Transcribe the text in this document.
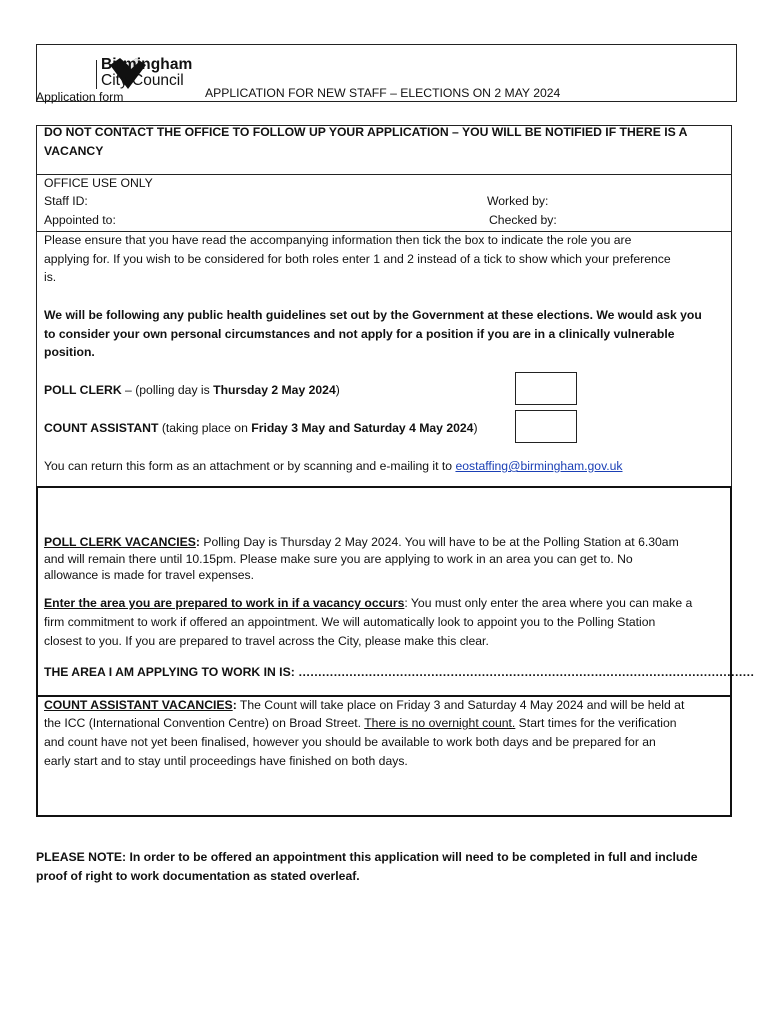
Birmingham
City Council
Application form	APPLICATION FOR NEW STAFF – ELECTIONS ON 2 MAY 2024
DO NOT CONTACT THE OFFICE TO FOLLOW UP YOUR APPLICATION – YOU WILL BE NOTIFIED IF THERE IS A
VACANCY
OFFICE USE ONLY
Staff ID:
Appointed to:
Worked by:
Checked by:
Please ensure that you have read the accompanying information then tick the box to indicate the role you are
applying for. If you wish to be considered for both roles enter 1 and 2 instead of a tick to show which your preference
is.
We will be following any public health guidelines set out by the Government at these elections. We would ask you
to consider your own personal circumstances and not apply for a position if you are in a clinically vulnerable
position.
POLL CLERK – (polling day is Thursday 2 May 2024)
COUNT ASSISTANT (taking place on Friday 3 May and Saturday 4 May 2024)
You can return this form as an attachment or by scanning and e-mailing it to eostaffing@birmingham.gov.uk
POLL CLERK VACANCIES: Polling Day is Thursday 2 May 2024. You will have to be at the Polling Station at 6.30am
and will remain there until 10.15pm. Please make sure you are applying to work in an area you can get to. No
allowance is made for travel expenses.
Enter the area you are prepared to work in if a vacancy occurs: You must only enter the area where you can make a
firm commitment to work if offered an appointment. We will automatically look to appoint you to the Polling Station
closest to you. If you are prepared to travel across the City, please make this clear.
THE AREA I AM APPLYING TO WORK IN IS: ………………………………………………………………………………………………………
COUNT ASSISTANT VACANCIES: The Count will take place on Friday 3 and Saturday 4 May 2024 and will be held at
the ICC (International Convention Centre) on Broad Street. There is no overnight count. Start times for the verification
and count have not yet been finalised, however you should be available to work both days and be prepared for an
early start and to stay until proceedings have finished on both days.
PLEASE NOTE: In order to be offered an appointment this application will need to be completed in full and include
proof of right to work documentation as stated overleaf.
